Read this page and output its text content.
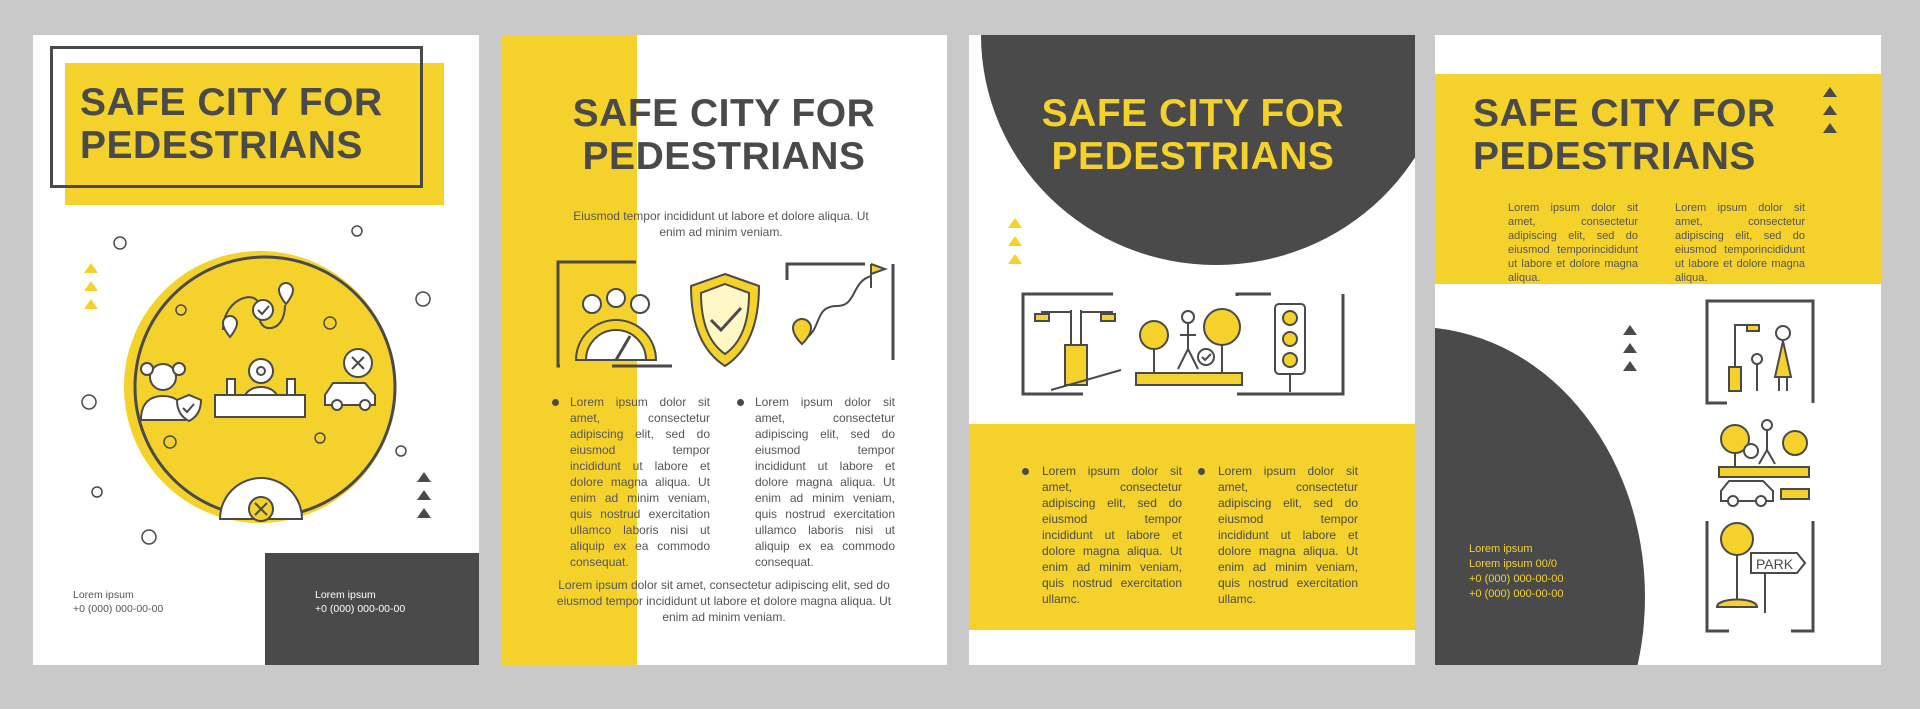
SAFE CITY FOR
PEDESTRIANS
Lorem ipsum
+0 (000) 000-00-00
Lorem ipsum
+0 (000) 000-00-00
SAFE CITY FOR
PEDESTRIANS
Eiusmod tempor incididunt ut labore et dolore aliqua. Ut enim ad minim veniam.
Lorem ipsum dolor sit amet, consectetur adipiscing elit, sed do eiusmod tempor incididunt ut labore et dolore magna aliqua. Ut enim ad minim veniam, quis nostrud exercitation ullamco laboris nisi ut aliquip ex ea commodo consequat.
Lorem ipsum dolor sit amet, consectetur adipiscing elit, sed do eiusmod tempor incididunt ut labore et dolore magna aliqua. Ut enim ad minim veniam, quis nostrud exercitation ullamco laboris nisi ut aliquip ex ea commodo consequat.
Lorem ipsum dolor sit amet, consectetur adipiscing elit, sed do eiusmod tempor incididunt ut labore et dolore magna aliqua. Ut enim ad minim veniam.
SAFE CITY FOR
PEDESTRIANS
Lorem ipsum dolor sit amet, consectetur adipiscing elit, sed do eiusmod tempor incididunt ut labore et dolore magna aliqua. Ut enim ad minim veniam, quis nostrud exercitation ullamc.
Lorem ipsum dolor sit amet, consectetur adipiscing elit, sed do eiusmod tempor incididunt ut labore et dolore magna aliqua. Ut enim ad minim veniam, quis nostrud exercitation ullamc.
SAFE CITY FOR
PEDESTRIANS
Lorem ipsum dolor sit amet, consectetur adipiscing elit, sed do eiusmod temporincididunt ut labore et dolore magna aliqua.
Lorem ipsum dolor sit amet, consectetur adipiscing elit, sed do eiusmod temporincididunt ut labore et dolore magna aliqua.
PARK
Lorem ipsum
Lorem ipsum 00/0
+0 (000) 000-00-00
+0 (000) 000-00-00
